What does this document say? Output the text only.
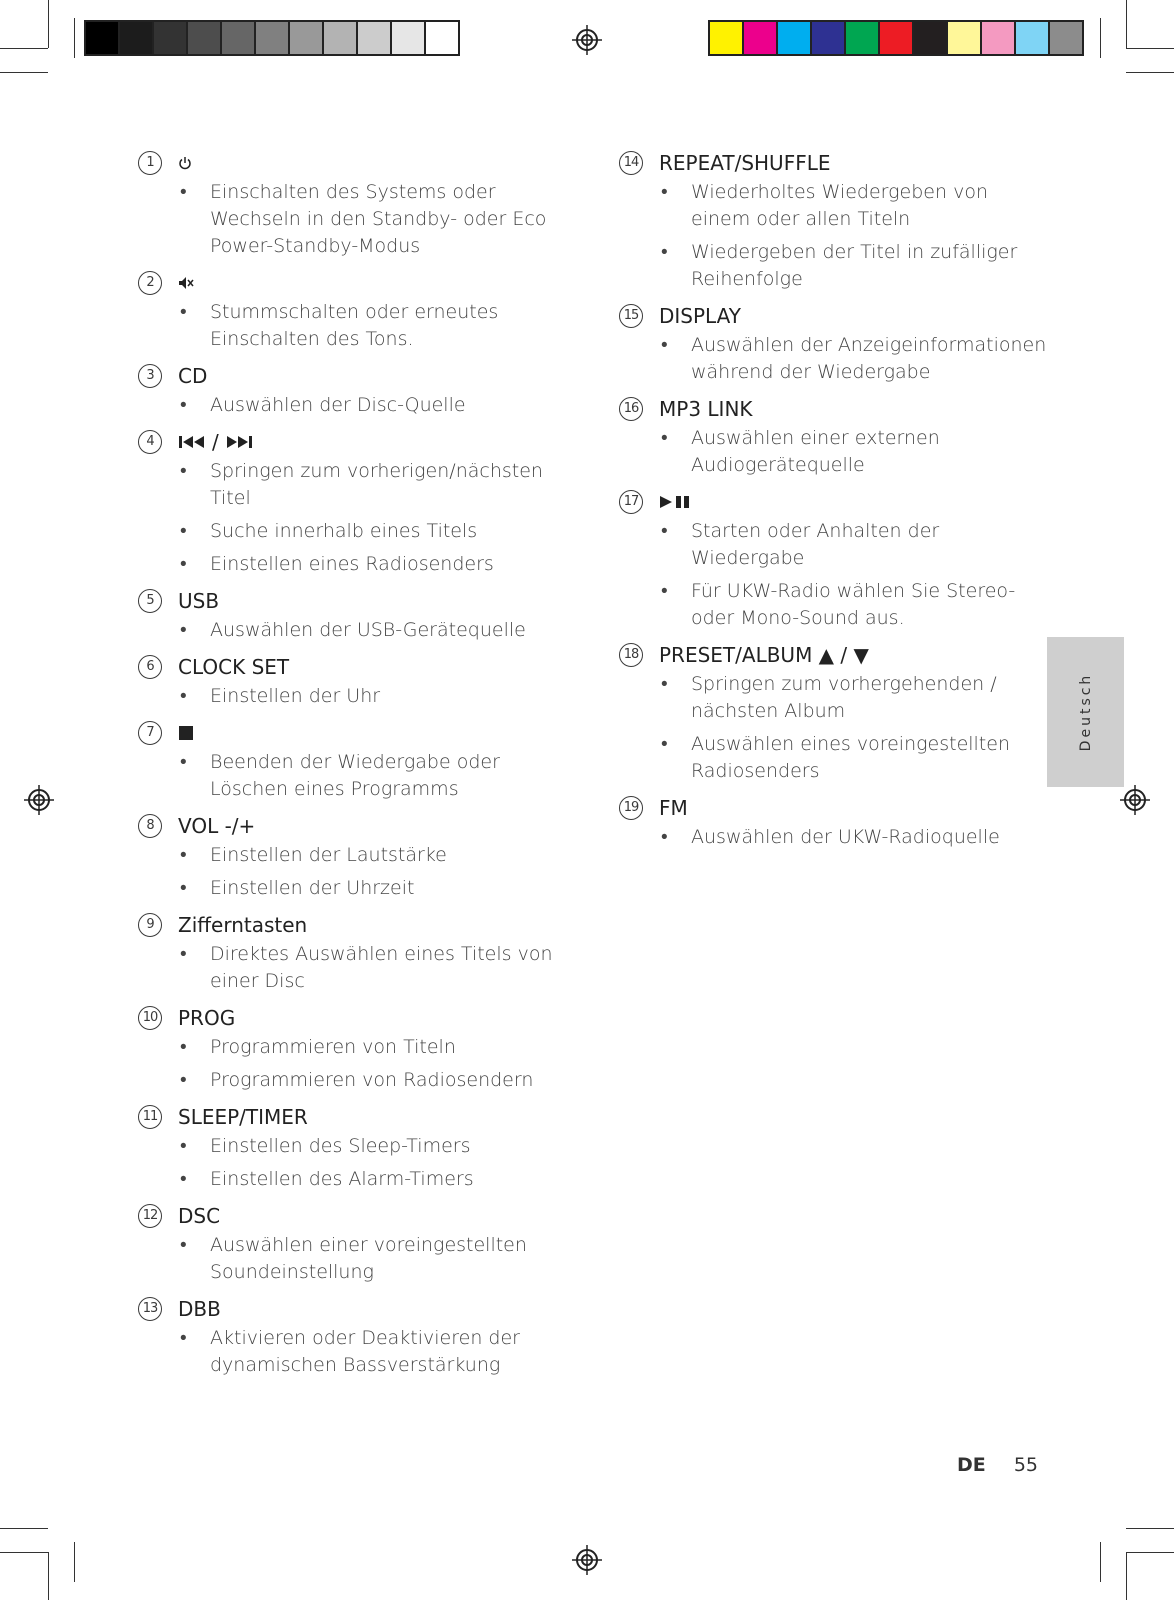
1
• Einschalten des Systems oder Wechseln in den Standby- oder Eco Power-Standby-Modus
2
• Stummschalten oder erneutes Einschalten des Tons.
3	CD
• Auswählen der Disc-Quelle
4	/
• Springen zum vorherigen/nächsten Titel
• Suche innerhalb eines Titels
• Einstellen eines Radiosenders
5	USB
• Auswählen der USB-Gerätequelle
6	CLOCK SET
• Einstellen der Uhr
7
• Beenden der Wiedergabe oder Löschen eines Programms
8	VOL -/+
• Einstellen der Lautstärke
• Einstellen der Uhrzeit
9	Zifferntasten
• Direktes Auswählen eines Titels von einer Disc
10 PROG
• Programmieren von Titeln
• Programmieren von Radiosendern
11 SLEEP/TIMER
• Einstellen des Sleep-Timers
• Einstellen des Alarm-Timers
12 DSC
• Auswählen einer voreingestellten Soundeinstellung
13 DBB
• Aktivieren oder Deaktivieren der dynamischen Bassverstärkung
14 REPEAT/SHUFFLE
• Wiederholtes Wiedergeben von einem oder allen Titeln
• Wiedergeben der Titel in zufälliger Reihenfolge
15 DISPLAY
• Auswählen der Anzeigeinformationen während der Wiedergabe
16 MP3 LINK
• Auswählen einer externen Audiogerätequelle
17
• Starten oder Anhalten der Wiedergabe
• Für UKW-Radio wählen Sie Stereo- oder Mono-Sound aus.
18 PRESET/ALBUM ▲ / ▼
• Springen zum vorhergehenden / nächsten Album
• Auswählen eines voreingestellten Radiosenders
19 FM
• Auswählen der UKW-Radioquelle
Deutsch
DE 55
